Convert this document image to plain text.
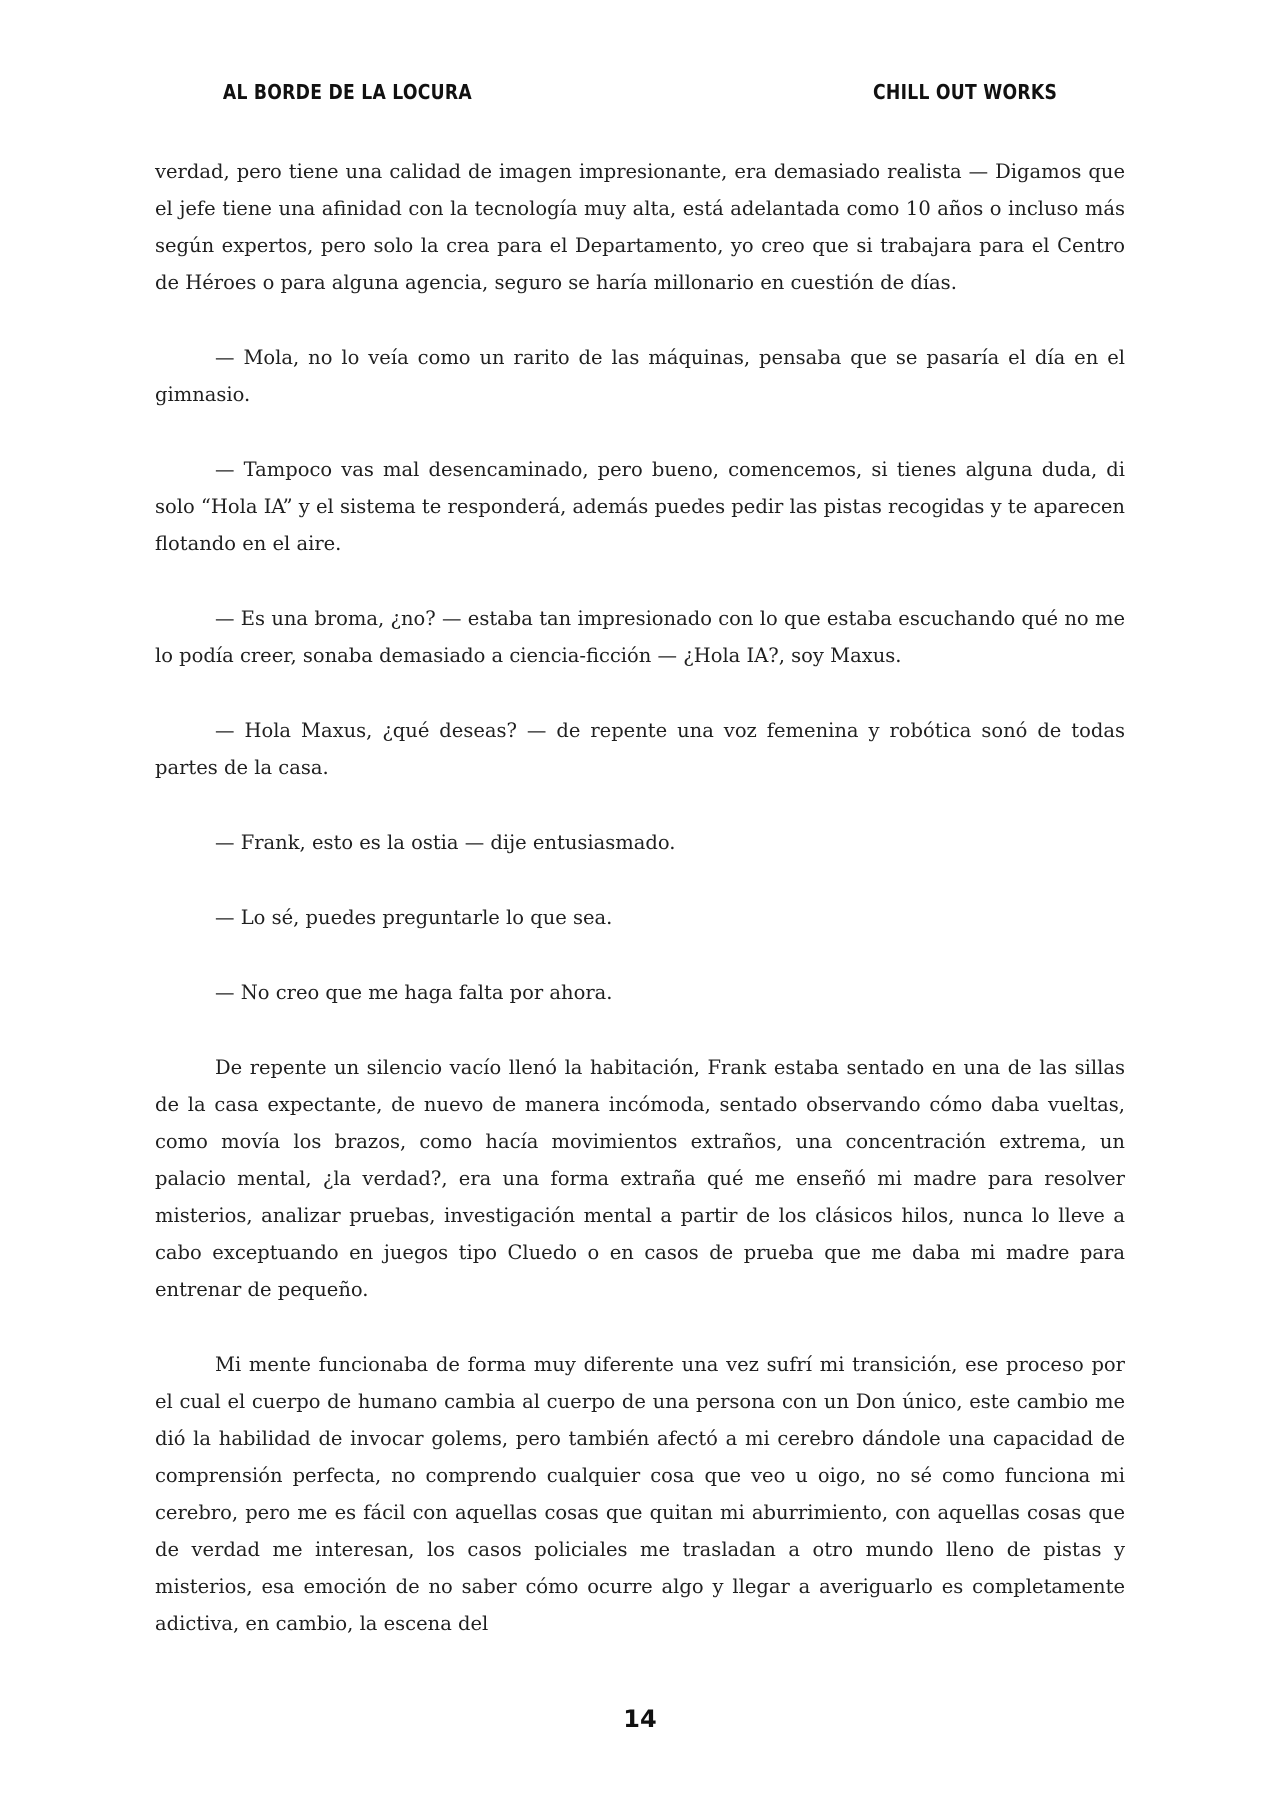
AL BORDE DE LA LOCURA	CHILL OUT WORKS

verdad, pero tiene una calidad de imagen impresionante, era demasiado realista — Digamos que el jefe tiene una afinidad con la tecnología muy alta, está adelantada como 10 años o incluso más según expertos, pero solo la crea para el Departamento, yo creo que si trabajara para el Centro de Héroes o para alguna agencia, seguro se haría millonario en cuestión de días.

— Mola, no lo veía como un rarito de las máquinas, pensaba que se pasaría el día en el gimnasio.

— Tampoco vas mal desencaminado, pero bueno, comencemos, si tienes alguna duda, di solo “Hola IA” y el sistema te responderá, además puedes pedir las pistas recogidas y te aparecen flotando en el aire.

— Es una broma, ¿no? — estaba tan impresionado con lo que estaba escuchando qué no me lo podía creer, sonaba demasiado a ciencia-ficción — ¿Hola IA?, soy Maxus.

— Hola Maxus, ¿qué deseas? — de repente una voz femenina y robótica sonó de todas partes de la casa.

— Frank, esto es la ostia — dije entusiasmado.

— Lo sé, puedes preguntarle lo que sea.

— No creo que me haga falta por ahora.

De repente un silencio vacío llenó la habitación, Frank estaba sentado en una de las sillas de la casa expectante, de nuevo de manera incómoda, sentado observando cómo daba vueltas, como movía los brazos, como hacía movimientos extraños, una concentración extrema, un palacio mental, ¿la verdad?, era una forma extraña qué me enseñó mi madre para resolver misterios, analizar pruebas, investigación mental a partir de los clásicos hilos, nunca lo lleve a cabo exceptuando en juegos tipo Cluedo o en casos de prueba que me daba mi madre para entrenar de pequeño.

Mi mente funcionaba de forma muy diferente una vez sufrí mi transición, ese proceso por el cual el cuerpo de humano cambia al cuerpo de una persona con un Don único, este cambio me dió la habilidad de invocar golems, pero también afectó a mi cerebro dándole una capacidad de comprensión perfecta, no comprendo cualquier cosa que veo u oigo, no sé como funciona mi cerebro, pero me es fácil con aquellas cosas que quitan mi aburrimiento, con aquellas cosas que de verdad me interesan, los casos policiales me trasladan a otro mundo lleno de pistas y misterios, esa emoción de no saber cómo ocurre algo y llegar a averiguarlo es completamente adictiva, en cambio, la escena del

14
